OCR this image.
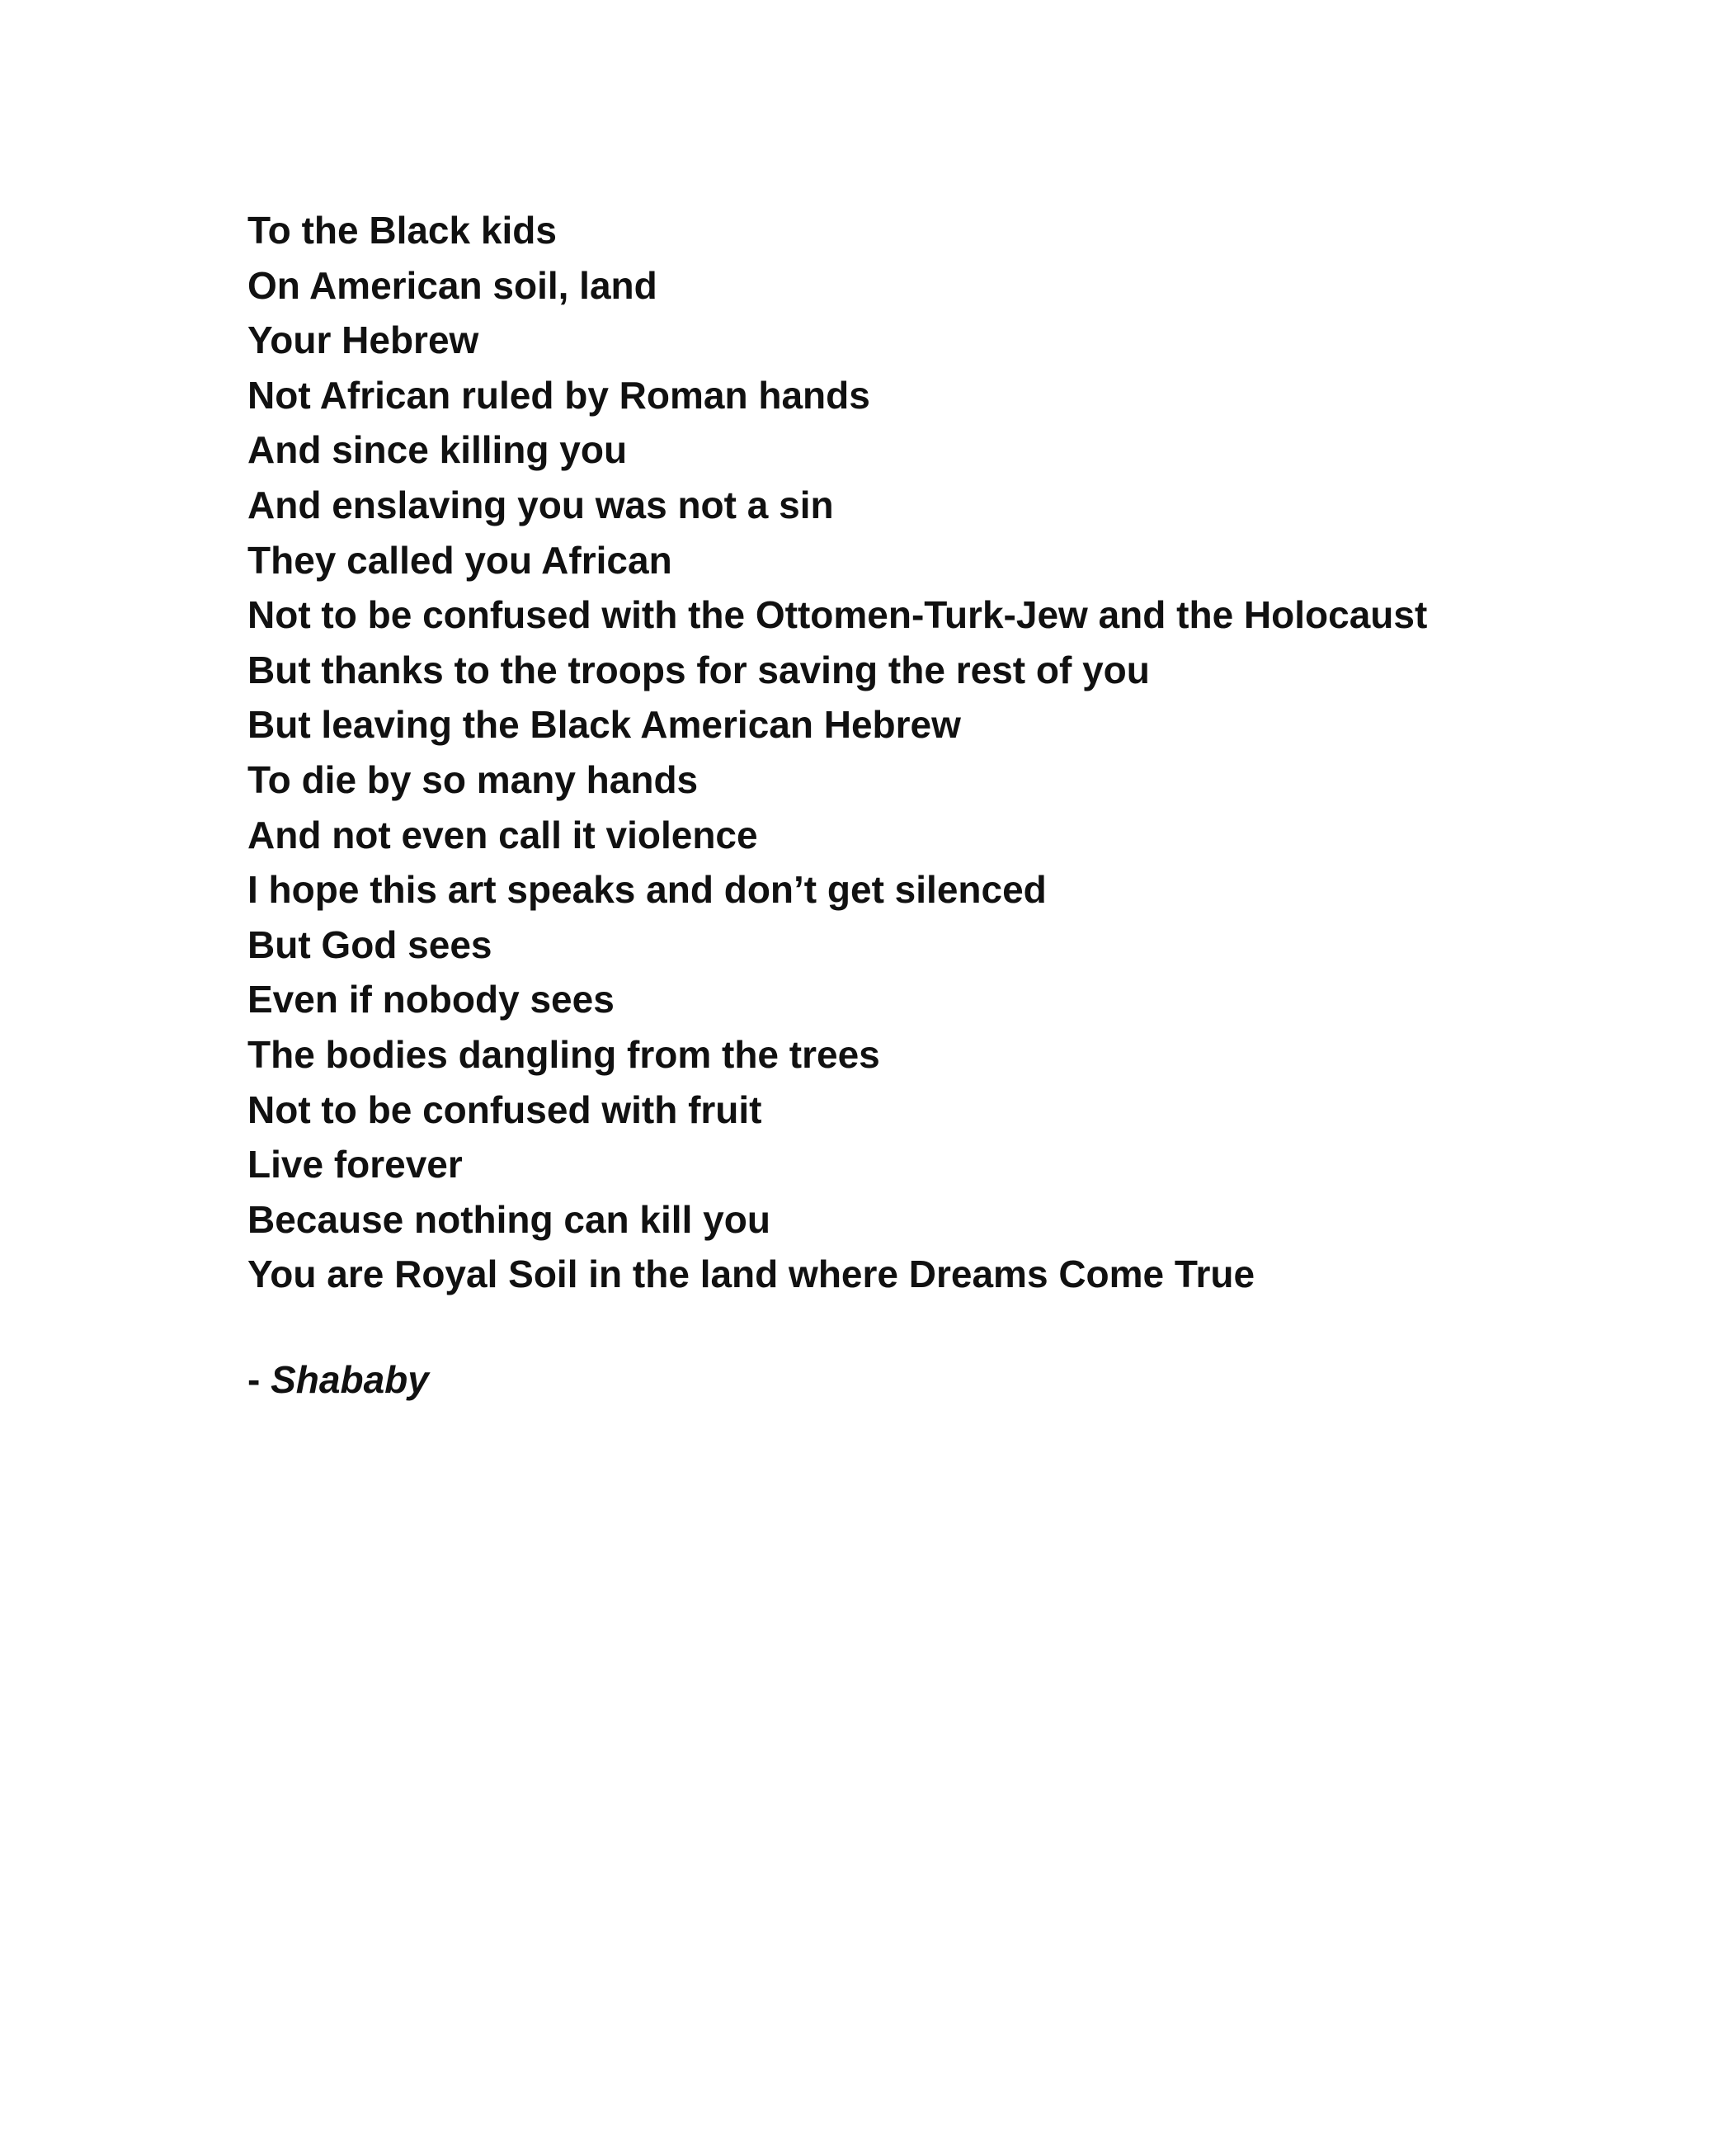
To the Black kids
On American soil, land
Your Hebrew
Not African ruled by Roman hands
And since killing you
And enslaving you was not a sin
They called you African
Not to be confused with the Ottomen-Turk-Jew and the Holocaust
But thanks to the troops for saving the rest of you
But leaving the Black American Hebrew
To die by so many hands
And not even call it violence
I hope this art speaks and don’t get silenced
But God sees
Even if nobody sees
The bodies dangling from the trees
Not to be confused with fruit
Live forever
Because nothing can kill you
You are Royal Soil in the land where Dreams Come True

- Shababy
